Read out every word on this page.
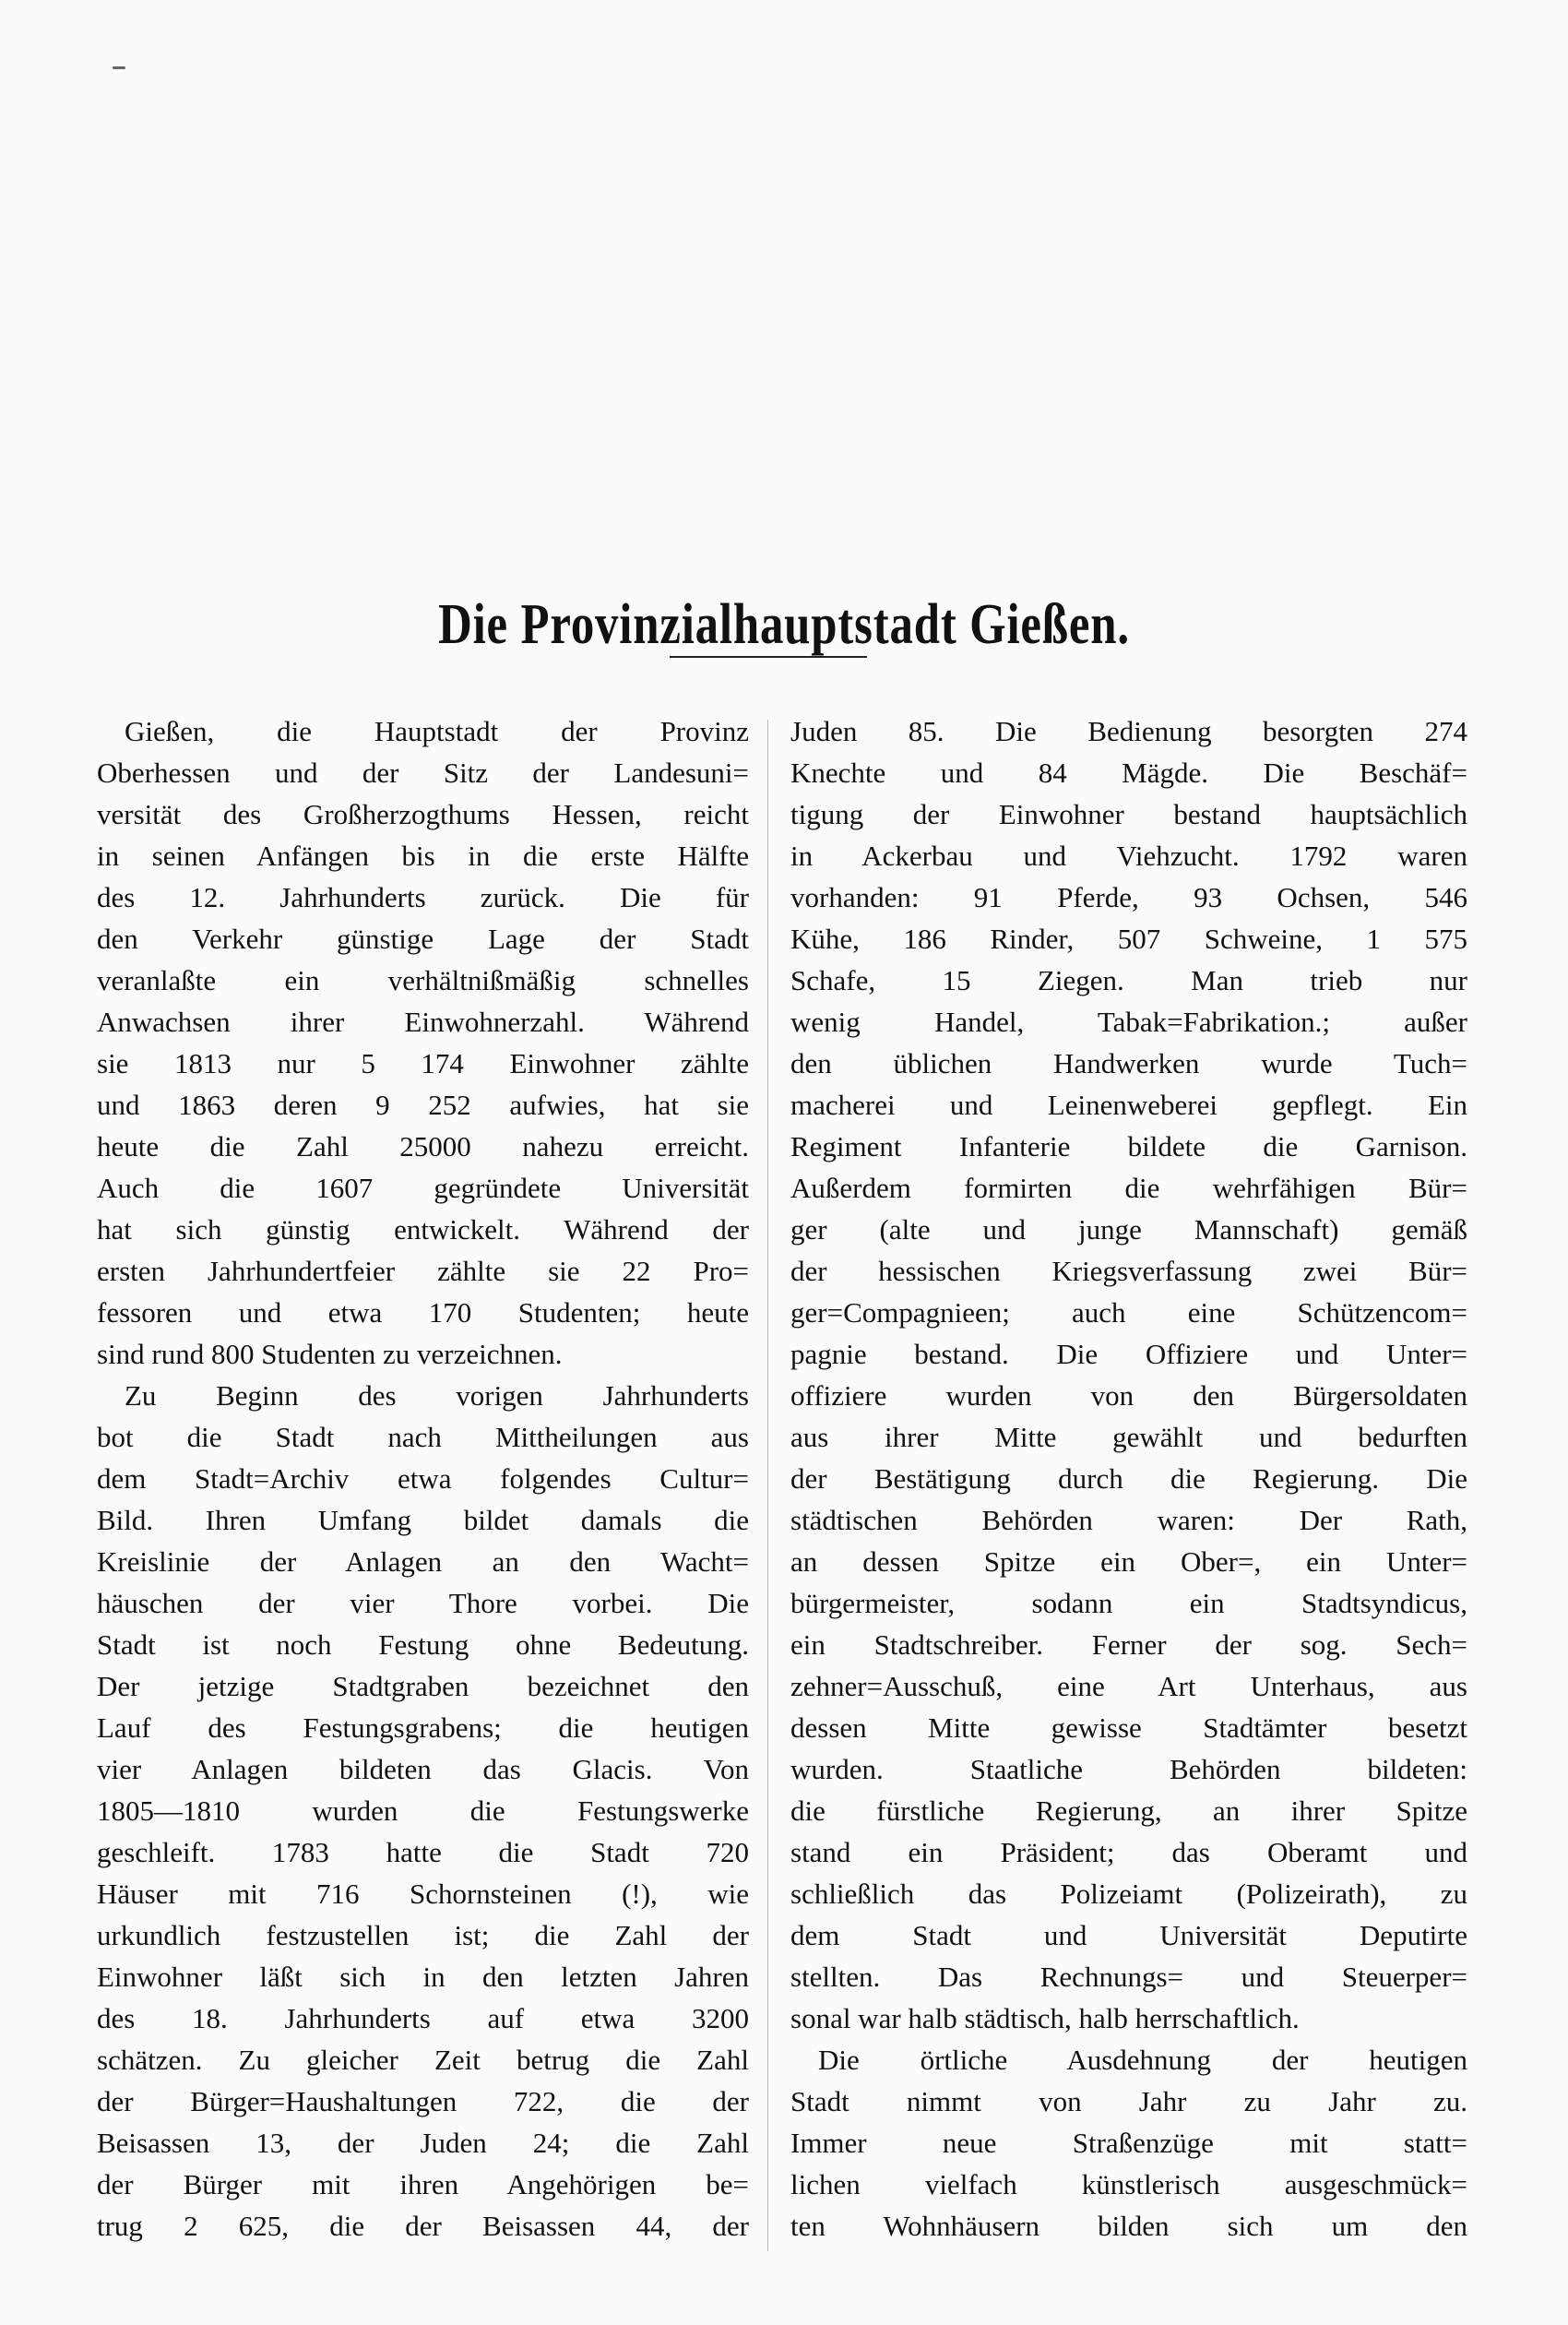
Die Provinzialhauptstadt Gießen.
Gießen, die Hauptstadt der Provinz
Oberhessen und der Sitz der Landesuni=
versität des Großherzogthums Hessen, reicht
in seinen Anfängen bis in die erste Hälfte
des 12. Jahrhunderts zurück. Die für
den Verkehr günstige Lage der Stadt
veranlaßte ein verhältnißmäßig schnelles
Anwachsen ihrer Einwohnerzahl. Während
sie 1813 nur 5 174 Einwohner zählte
und 1863 deren 9 252 aufwies, hat sie
heute die Zahl 25000 nahezu erreicht.
Auch die 1607 gegründete Universität
hat sich günstig entwickelt. Während der
ersten Jahrhundertfeier zählte sie 22 Pro=
fessoren und etwa 170 Studenten; heute
sind rund 800 Studenten zu verzeichnen.
Zu Beginn des vorigen Jahrhunderts
bot die Stadt nach Mittheilungen aus
dem Stadt=Archiv etwa folgendes Cultur=
Bild. Ihren Umfang bildet damals die
Kreislinie der Anlagen an den Wacht=
häuschen der vier Thore vorbei. Die
Stadt ist noch Festung ohne Bedeutung.
Der jetzige Stadtgraben bezeichnet den
Lauf des Festungsgrabens; die heutigen
vier Anlagen bildeten das Glacis. Von
1805—1810 wurden die Festungswerke
geschleift. 1783 hatte die Stadt 720
Häuser mit 716 Schornsteinen (!), wie
urkundlich festzustellen ist; die Zahl der
Einwohner läßt sich in den letzten Jahren
des 18. Jahrhunderts auf etwa 3200
schätzen. Zu gleicher Zeit betrug die Zahl
der Bürger=Haushaltungen 722, die der
Beisassen 13, der Juden 24; die Zahl
der Bürger mit ihren Angehörigen be=
trug 2 625, die der Beisassen 44, der
Juden 85. Die Bedienung besorgten 274
Knechte und 84 Mägde. Die Beschäf=
tigung der Einwohner bestand hauptsächlich
in Ackerbau und Viehzucht. 1792 waren
vorhanden: 91 Pferde, 93 Ochsen, 546
Kühe, 186 Rinder, 507 Schweine, 1 575
Schafe, 15 Ziegen. Man trieb nur
wenig Handel, Tabak=Fabrikation.; außer
den üblichen Handwerken wurde Tuch=
macherei und Leinenweberei gepflegt. Ein
Regiment Infanterie bildete die Garnison.
Außerdem formirten die wehrfähigen Bür=
ger (alte und junge Mannschaft) gemäß
der hessischen Kriegsverfassung zwei Bür=
ger=Compagnieen; auch eine Schützencom=
pagnie bestand. Die Offiziere und Unter=
offiziere wurden von den Bürgersoldaten
aus ihrer Mitte gewählt und bedurften
der Bestätigung durch die Regierung. Die
städtischen Behörden waren: Der Rath,
an dessen Spitze ein Ober=, ein Unter=
bürgermeister, sodann ein Stadtsyndicus,
ein Stadtschreiber. Ferner der sog. Sech=
zehner=Ausschuß, eine Art Unterhaus, aus
dessen Mitte gewisse Stadtämter besetzt
wurden. Staatliche Behörden bildeten:
die fürstliche Regierung, an ihrer Spitze
stand ein Präsident; das Oberamt und
schließlich das Polizeiamt (Polizeirath), zu
dem Stadt und Universität Deputirte
stellten. Das Rechnungs= und Steuerper=
sonal war halb städtisch, halb herrschaftlich.
Die örtliche Ausdehnung der heutigen
Stadt nimmt von Jahr zu Jahr zu.
Immer neue Straßenzüge mit statt=
lichen vielfach künstlerisch ausgeschmück=
ten Wohnhäusern bilden sich um den
